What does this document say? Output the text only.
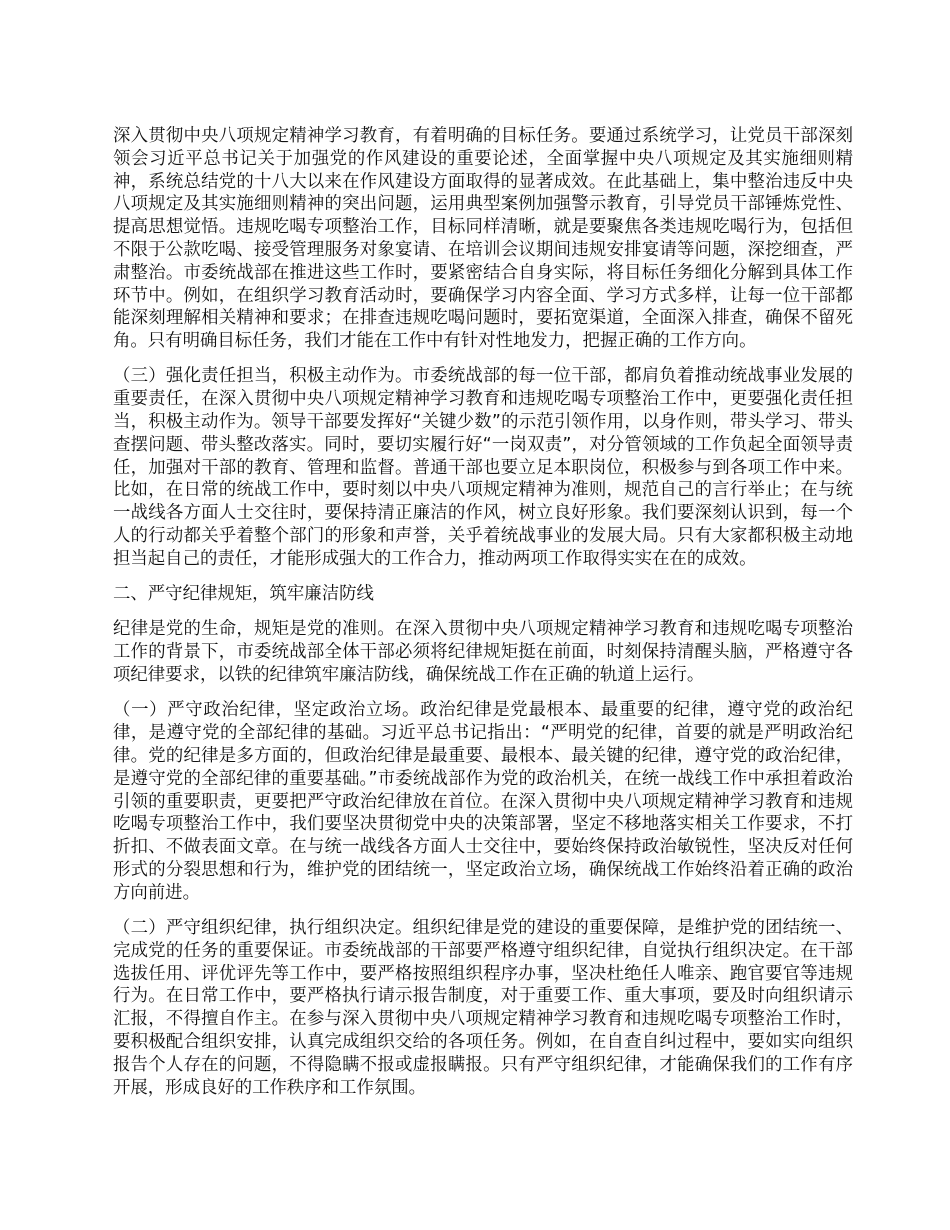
深入贯彻中央八项规定精神学习教育，有着明确的目标任务。要通过系统学习，让党员干部深刻领会习近平总书记关于加强党的作风建设的重要论述，全面掌握中央八项规定及其实施细则精神，系统总结党的十八大以来在作风建设方面取得的显著成效。在此基础上，集中整治违反中央八项规定及其实施细则精神的突出问题，运用典型案例加强警示教育，引导党员干部锤炼党性、提高思想觉悟。违规吃喝专项整治工作，目标同样清晰，就是要聚焦各类违规吃喝行为，包括但不限于公款吃喝、接受管理服务对象宴请、在培训会议期间违规安排宴请等问题，深挖细查，严肃整治。市委统战部在推进这些工作时，要紧密结合自身实际，将目标任务细化分解到具体工作环节中。例如，在组织学习教育活动时，要确保学习内容全面、学习方式多样，让每一位干部都能深刻理解相关精神和要求；在排查违规吃喝问题时，要拓宽渠道，全面深入排查，确保不留死角。只有明确目标任务，我们才能在工作中有针对性地发力，把握正确的工作方向。

（三）强化责任担当，积极主动作为。市委统战部的每一位干部，都肩负着推动统战事业发展的重要责任，在深入贯彻中央八项规定精神学习教育和违规吃喝专项整治工作中，更要强化责任担当，积极主动作为。领导干部要发挥好“关键少数”的示范引领作用，以身作则，带头学习、带头查摆问题、带头整改落实。同时，要切实履行好“一岗双责”，对分管领域的工作负起全面领导责任，加强对干部的教育、管理和监督。普通干部也要立足本职岗位，积极参与到各项工作中来。比如，在日常的统战工作中，要时刻以中央八项规定精神为准则，规范自己的言行举止；在与统一战线各方面人士交往时，要保持清正廉洁的作风，树立良好形象。我们要深刻认识到，每一个人的行动都关乎着整个部门的形象和声誉，关乎着统战事业的发展大局。只有大家都积极主动地担当起自己的责任，才能形成强大的工作合力，推动两项工作取得实实在在的成效。

二、严守纪律规矩，筑牢廉洁防线

纪律是党的生命，规矩是党的准则。在深入贯彻中央八项规定精神学习教育和违规吃喝专项整治工作的背景下，市委统战部全体干部必须将纪律规矩挺在前面，时刻保持清醒头脑，严格遵守各项纪律要求，以铁的纪律筑牢廉洁防线，确保统战工作在正确的轨道上运行。

（一）严守政治纪律，坚定政治立场。政治纪律是党最根本、最重要的纪律，遵守党的政治纪律，是遵守党的全部纪律的基础。习近平总书记指出：“严明党的纪律，首要的就是严明政治纪律。党的纪律是多方面的，但政治纪律是最重要、最根本、最关键的纪律，遵守党的政治纪律，是遵守党的全部纪律的重要基础。”市委统战部作为党的政治机关，在统一战线工作中承担着政治引领的重要职责，更要把严守政治纪律放在首位。在深入贯彻中央八项规定精神学习教育和违规吃喝专项整治工作中，我们要坚决贯彻党中央的决策部署，坚定不移地落实相关工作要求，不打折扣、不做表面文章。在与统一战线各方面人士交往中，要始终保持政治敏锐性，坚决反对任何形式的分裂思想和行为，维护党的团结统一，坚定政治立场，确保统战工作始终沿着正确的政治方向前进。

（二）严守组织纪律，执行组织决定。组织纪律是党的建设的重要保障，是维护党的团结统一、完成党的任务的重要保证。市委统战部的干部要严格遵守组织纪律，自觉执行组织决定。在干部选拔任用、评优评先等工作中，要严格按照组织程序办事，坚决杜绝任人唯亲、跑官要官等违规行为。在日常工作中，要严格执行请示报告制度，对于重要工作、重大事项，要及时向组织请示汇报，不得擅自作主。在参与深入贯彻中央八项规定精神学习教育和违规吃喝专项整治工作时，要积极配合组织安排，认真完成组织交给的各项任务。例如，在自查自纠过程中，要如实向组织报告个人存在的问题，不得隐瞒不报或虚报瞒报。只有严守组织纪律，才能确保我们的工作有序开展，形成良好的工作秩序和工作氛围。
